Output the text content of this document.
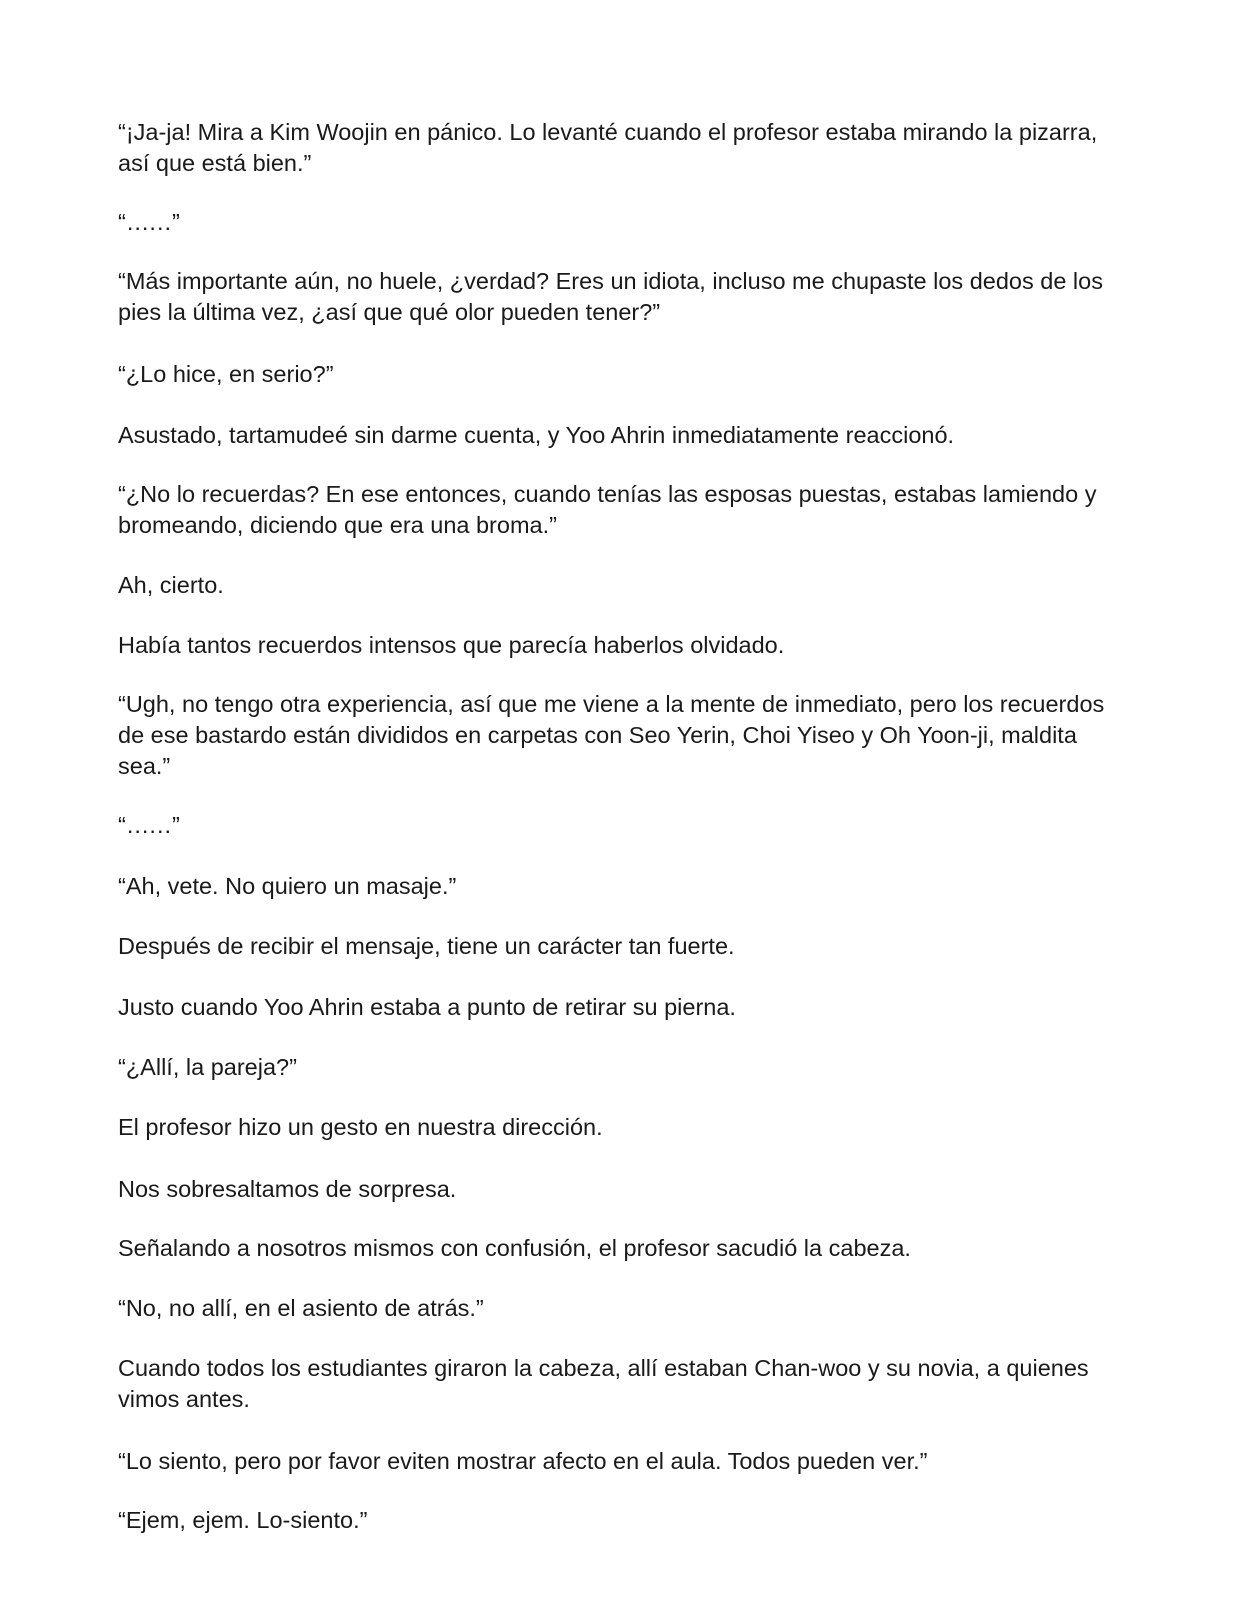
“¡Ja-ja! Mira a Kim Woojin en pánico. Lo levanté cuando el profesor estaba mirando la pizarra, así que está bien.”

“......”

“Más importante aún, no huele, ¿verdad? Eres un idiota, incluso me chupaste los dedos de los pies la última vez, ¿así que qué olor pueden tener?”

“¿Lo hice, en serio?”

Asustado, tartamudeé sin darme cuenta, y Yoo Ahrin inmediatamente reaccionó.

“¿No lo recuerdas? En ese entonces, cuando tenías las esposas puestas, estabas lamiendo y bromeando, diciendo que era una broma.”

Ah, cierto.

Había tantos recuerdos intensos que parecía haberlos olvidado.

“Ugh, no tengo otra experiencia, así que me viene a la mente de inmediato, pero los recuerdos de ese bastardo están divididos en carpetas con Seo Yerin, Choi Yiseo y Oh Yoon-ji, maldita sea.”

“......”

“Ah, vete. No quiero un masaje.”

Después de recibir el mensaje, tiene un carácter tan fuerte.

Justo cuando Yoo Ahrin estaba a punto de retirar su pierna.

“¿Allí, la pareja?”

El profesor hizo un gesto en nuestra dirección.

Nos sobresaltamos de sorpresa.

Señalando a nosotros mismos con confusión, el profesor sacudió la cabeza.

“No, no allí, en el asiento de atrás.”

Cuando todos los estudiantes giraron la cabeza, allí estaban Chan-woo y su novia, a quienes vimos antes.

“Lo siento, pero por favor eviten mostrar afecto en el aula. Todos pueden ver.”

“Ejem, ejem. Lo-siento.”
